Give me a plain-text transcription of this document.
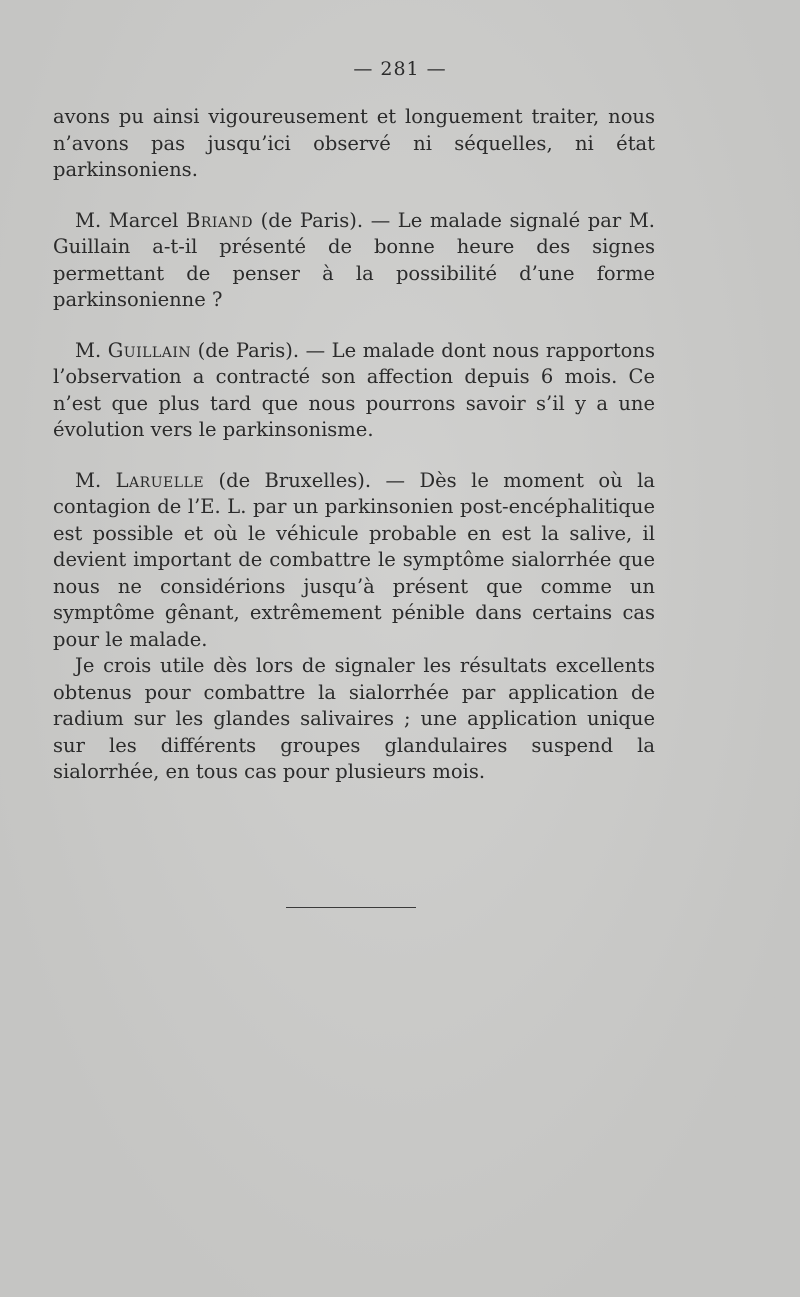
— 281 —

avons pu ainsi vigoureusement et longuement traiter, nous n’avons pas jusqu’ici observé ni séquelles, ni état parkinsoniens.

M. Marcel Briand (de Paris). — Le malade signalé par M. Guillain a-t-il présenté de bonne heure des signes permettant de penser à la possibilité d’une forme parkinsonienne ?

M. Guillain (de Paris). — Le malade dont nous rapportons l’observation a contracté son affection depuis 6 mois. Ce n’est que plus tard que nous pourrons savoir s’il y a une évolution vers le parkinsonisme.

M. Laruelle (de Bruxelles). — Dès le moment où la contagion de l’E. L. par un parkinsonien post-encéphalitique est possible et où le véhicule probable en est la salive, il devient important de combattre le symptôme sialorrhée que nous ne considérions jusqu’à présent que comme un symptôme gênant, extrêmement pénible dans certains cas pour le malade.

Je crois utile dès lors de signaler les résultats excellents obtenus pour combattre la sialorrhée par application de radium sur les glandes salivaires ; une application unique sur les différents groupes glandulaires suspend la sialorrhée, en tous cas pour plusieurs mois.
